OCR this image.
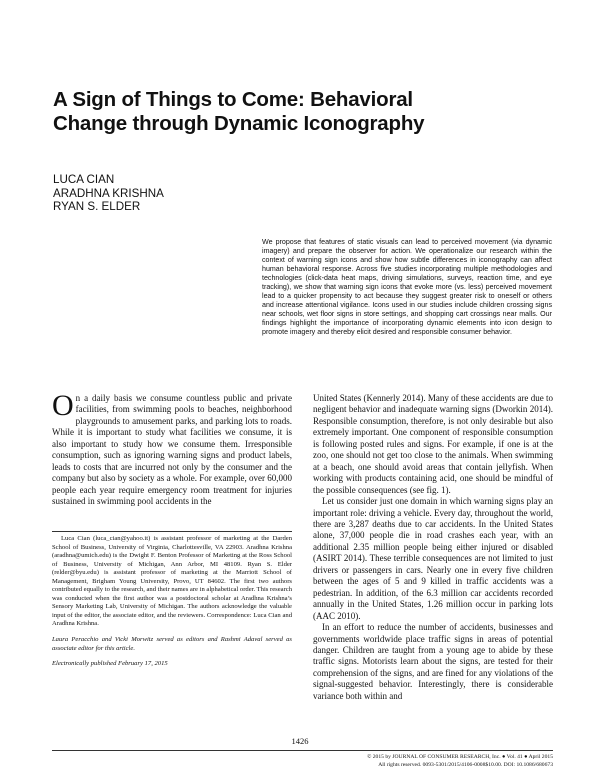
A Sign of Things to Come: Behavioral
Change through Dynamic Iconography
LUCA CIAN
ARADHNA KRISHNA
RYAN S. ELDER
We propose that features of static visuals can lead to perceived movement (via dynamic imagery) and prepare the observer for action. We operationalize our research within the context of warning sign icons and show how subtle differences in iconography can affect human behavioral response. Across five studies incorporating multiple methodologies and technologies (click-data heat maps, driving simulations, surveys, reaction time, and eye tracking), we show that warning sign icons that evoke more (vs. less) perceived movement lead to a quicker propensity to act because they suggest greater risk to oneself or others and increase attentional vigilance. Icons used in our studies include children crossing signs near schools, wet floor signs in store settings, and shopping cart crossings near malls. Our findings highlight the importance of incorporating dynamic elements into icon design to promote imagery and thereby elicit desired and responsible consumer behavior.

On a daily basis we consume countless public and private facilities, from swimming pools to beaches, neighborhood playgrounds to amusement parks, and parking lots to roads. While it is important to study what facilities we consume, it is also important to study how we consume them. Irresponsible consumption, such as ignoring warning signs and product labels, leads to costs that are incurred not only by the consumer and the company but also by society as a whole. For example, over 60,000 people each year require emergency room treatment for injuries sustained in swimming pool accidents in the

Luca Cian (luca_cian@yahoo.it) is assistant professor of marketing at the Darden School of Business, University of Virginia, Charlottesville, VA 22903. Aradhna Krishna (aradhna@umich.edu) is the Dwight F. Benton Professor of Marketing at the Ross School of Business, University of Michigan, Ann Arbor, MI 48109. Ryan S. Elder (relder@byu.edu) is assistant professor of marketing at the Marriott School of Management, Brigham Young University, Provo, UT 84602. The first two authors contributed equally to the research, and their names are in alphabetical order. This research was conducted when the first author was a postdoctoral scholar at Aradhna Krishna’s Sensory Marketing Lab, University of Michigan. The authors acknowledge the valuable input of the editor, the associate editor, and the reviewers. Correspondence: Luca Cian and Aradhna Krishna.

Laura Peracchio and Vicki Morwitz served as editors and Rashmi Adaval served as associate editor for this article.

Electronically published February 17, 2015

United States (Kennerly 2014). Many of these accidents are due to negligent behavior and inadequate warning signs (Dworkin 2014). Responsible consumption, therefore, is not only desirable but also extremely important. One component of responsible consumption is following posted rules and signs. For example, if one is at the zoo, one should not get too close to the animals. When swimming at a beach, one should avoid areas that contain jellyfish. When working with products containing acid, one should be mindful of the possible consequences (see fig. 1).

Let us consider just one domain in which warning signs play an important role: driving a vehicle. Every day, throughout the world, there are 3,287 deaths due to car accidents. In the United States alone, 37,000 people die in road crashes each year, with an additional 2.35 million people being either injured or disabled (ASIRT 2014). These terrible consequences are not limited to just drivers or passengers in cars. Nearly one in every five children between the ages of 5 and 9 killed in traffic accidents was a pedestrian. In addition, of the 6.3 million car accidents recorded annually in the United States, 1.26 million occur in parking lots (AAC 2010).

In an effort to reduce the number of accidents, businesses and governments worldwide place traffic signs in areas of potential danger. Children are taught from a young age to abide by these traffic signs. Motorists learn about the signs, are tested for their comprehension of the signs, and are fined for any violations of the signal-suggested behavior. Interestingly, there is considerable variance both within and

1426
© 2015 by JOURNAL OF CONSUMER RESEARCH, Inc. ● Vol. 41 ● April 2015
All rights reserved. 0093-5301/2015/4106-0008$10.00. DOI: 10.1086/680673
